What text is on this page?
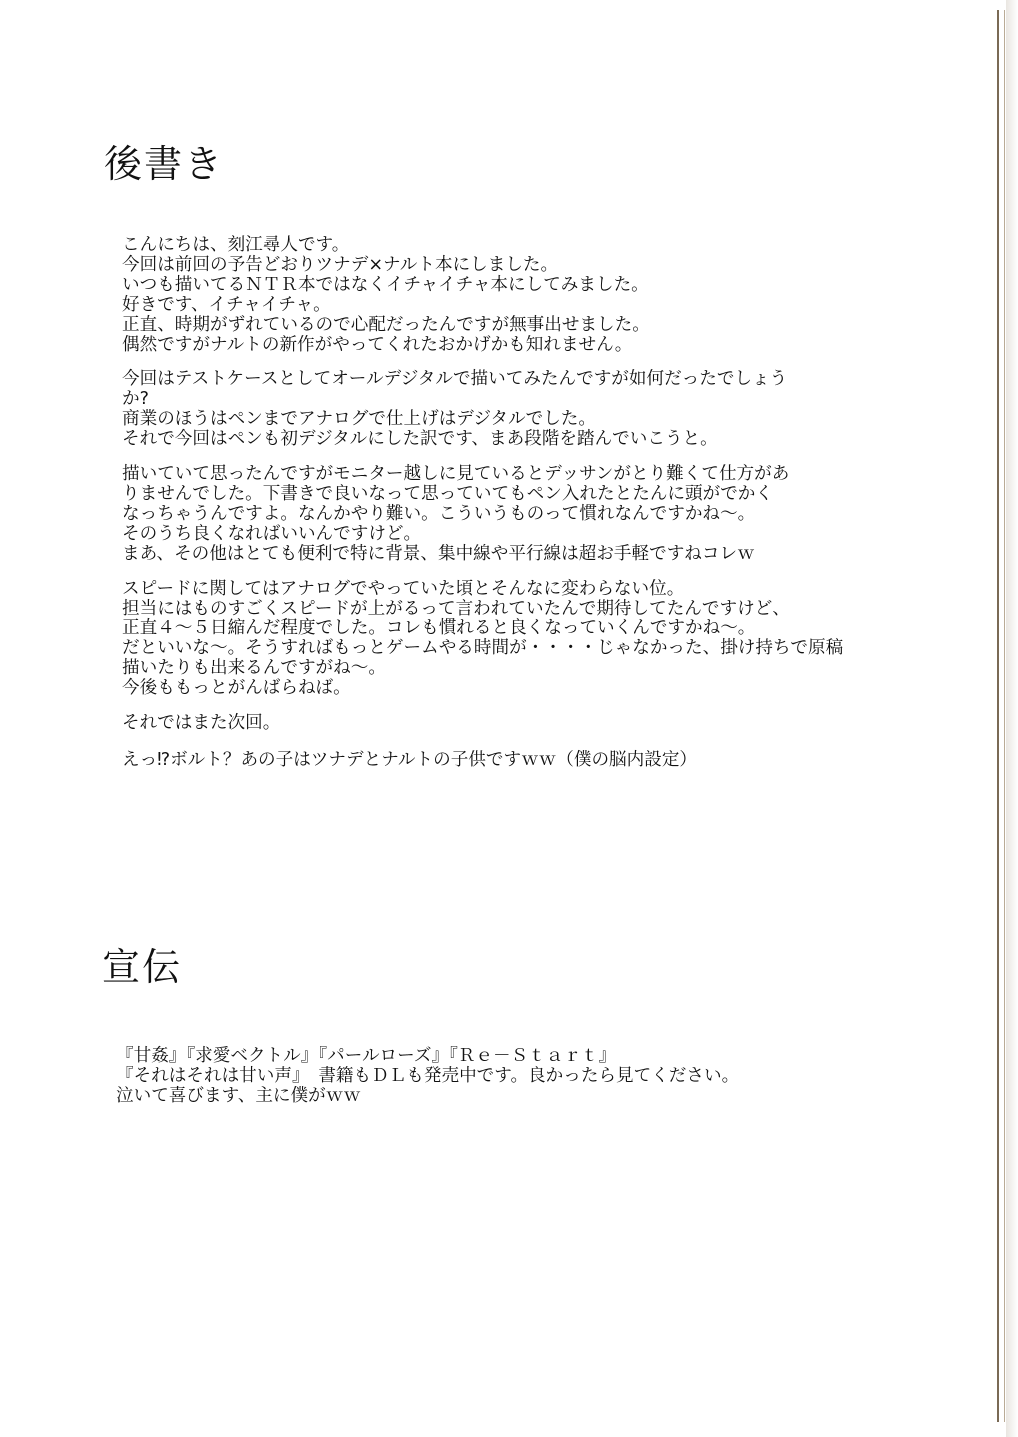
後書き

こんにちは、刻江尋人です。
今回は前回の予告どおりツナデ×ナルト本にしました。
いつも描いてるＮＴＲ本ではなくイチャイチャ本にしてみました。
好きです、イチャイチャ。
正直、時期がずれているので心配だったんですが無事出せました。
偶然ですがナルトの新作がやってくれたおかげかも知れません。

今回はテストケースとしてオールデジタルで描いてみたんですが如何だったでしょう
か?
商業のほうはペンまでアナログで仕上げはデジタルでした。
それで今回はペンも初デジタルにした訳です、まあ段階を踏んでいこうと。

描いていて思ったんですがモニター越しに見ているとデッサンがとり難くて仕方があ
りませんでした。下書きで良いなって思っていてもペン入れたとたんに頭がでかく
なっちゃうんですよ。なんかやり難い。こういうものって慣れなんですかね～。
そのうち良くなればいいんですけど。
まあ、その他はとても便利で特に背景、集中線や平行線は超お手軽ですねコレｗ

スピードに関してはアナログでやっていた頃とそんなに変わらない位。
担当にはものすごくスピードが上がるって言われていたんで期待してたんですけど、
正直４～５日縮んだ程度でした。コレも慣れると良くなっていくんですかね～。
だといいな～。そうすればもっとゲームやる時間が・・・・じゃなかった、掛け持ちで原稿
描いたりも出来るんですがね～。
今後ももっとがんばらねば。

それではまた次回。

えっ⁉ボルト？あの子はツナデとナルトの子供ですｗｗ（僕の脳内設定）

宣伝
『甘姦』『求愛ベクトル』『パールローズ』『Ｒｅ－Ｓｔａｒｔ』
『それはそれは甘い声』　書籍もＤＬも発売中です。良かったら見てください。
泣いて喜びます、主に僕がｗｗ
